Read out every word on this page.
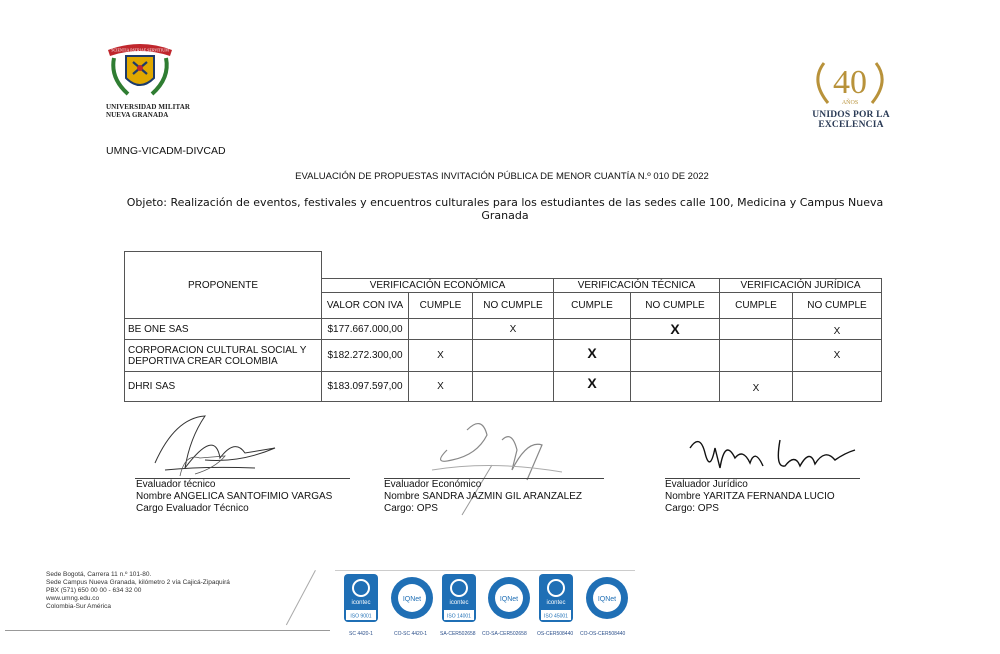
SCIENTIA PATRIAE SERVITIUM
UNIVERSIDAD MILITAR
NUEVA GRANADA
40
AÑOS
UNIDOS POR LA EXCELENCIA
UMNG-VICADM-DIVCAD
EVALUACIÓN DE PROPUESTAS INVITACIÓN PÚBLICA DE MENOR CUANTÍA N.º 010 DE 2022
Objeto: Realización de eventos, festivales y encuentros culturales para los estudiantes de las sedes calle 100, Medicina y Campus Nueva Granada
PROPONENTE							
	VERIFICACIÓN ECONÓMICA			VERIFICACIÓN TÉCNICA		VERIFICACIÓN JURÍDICA	
	VALOR CON IVA	CUMPLE	NO CUMPLE	CUMPLE	NO CUMPLE	CUMPLE	NO CUMPLE
BE ONE SAS	$177.667.000,00		X		X		X
CORPORACION CULTURAL SOCIAL Y DEPORTIVA CREAR COLOMBIA	$182.272.300,00	X		X			X
DHRI SAS	$183.097.597,00	X		X		X	
Evaluador técnico
Nombre ANGELICA SANTOFIMIO VARGAS
Cargo Evaluador Técnico
Evaluador Económico
Nombre SANDRA JAZMIN GIL ARANZALEZ
Cargo: OPS
Evaluador Jurídico
Nombre YARITZA FERNANDA LUCIO
Cargo: OPS
Sede Bogotá, Carrera 11 n.º 101-80.
Sede Campus Nueva Granada, kilómetro 2 vía Cajicá-Zipaquirá
PBX (571) 650 00 00 - 634 32 00
www.umng.edu.co
Colombia-Sur América	icontec
ISO 9001
IQNet	icontec
ISO 14001
IQNet	icontec
ISO 45001
IQNet
SC 4420-1	CO-SC 4420-1	SA-CER502658 CO-SA-CER502658 OS-CER508440 CO-OS-CER508440
